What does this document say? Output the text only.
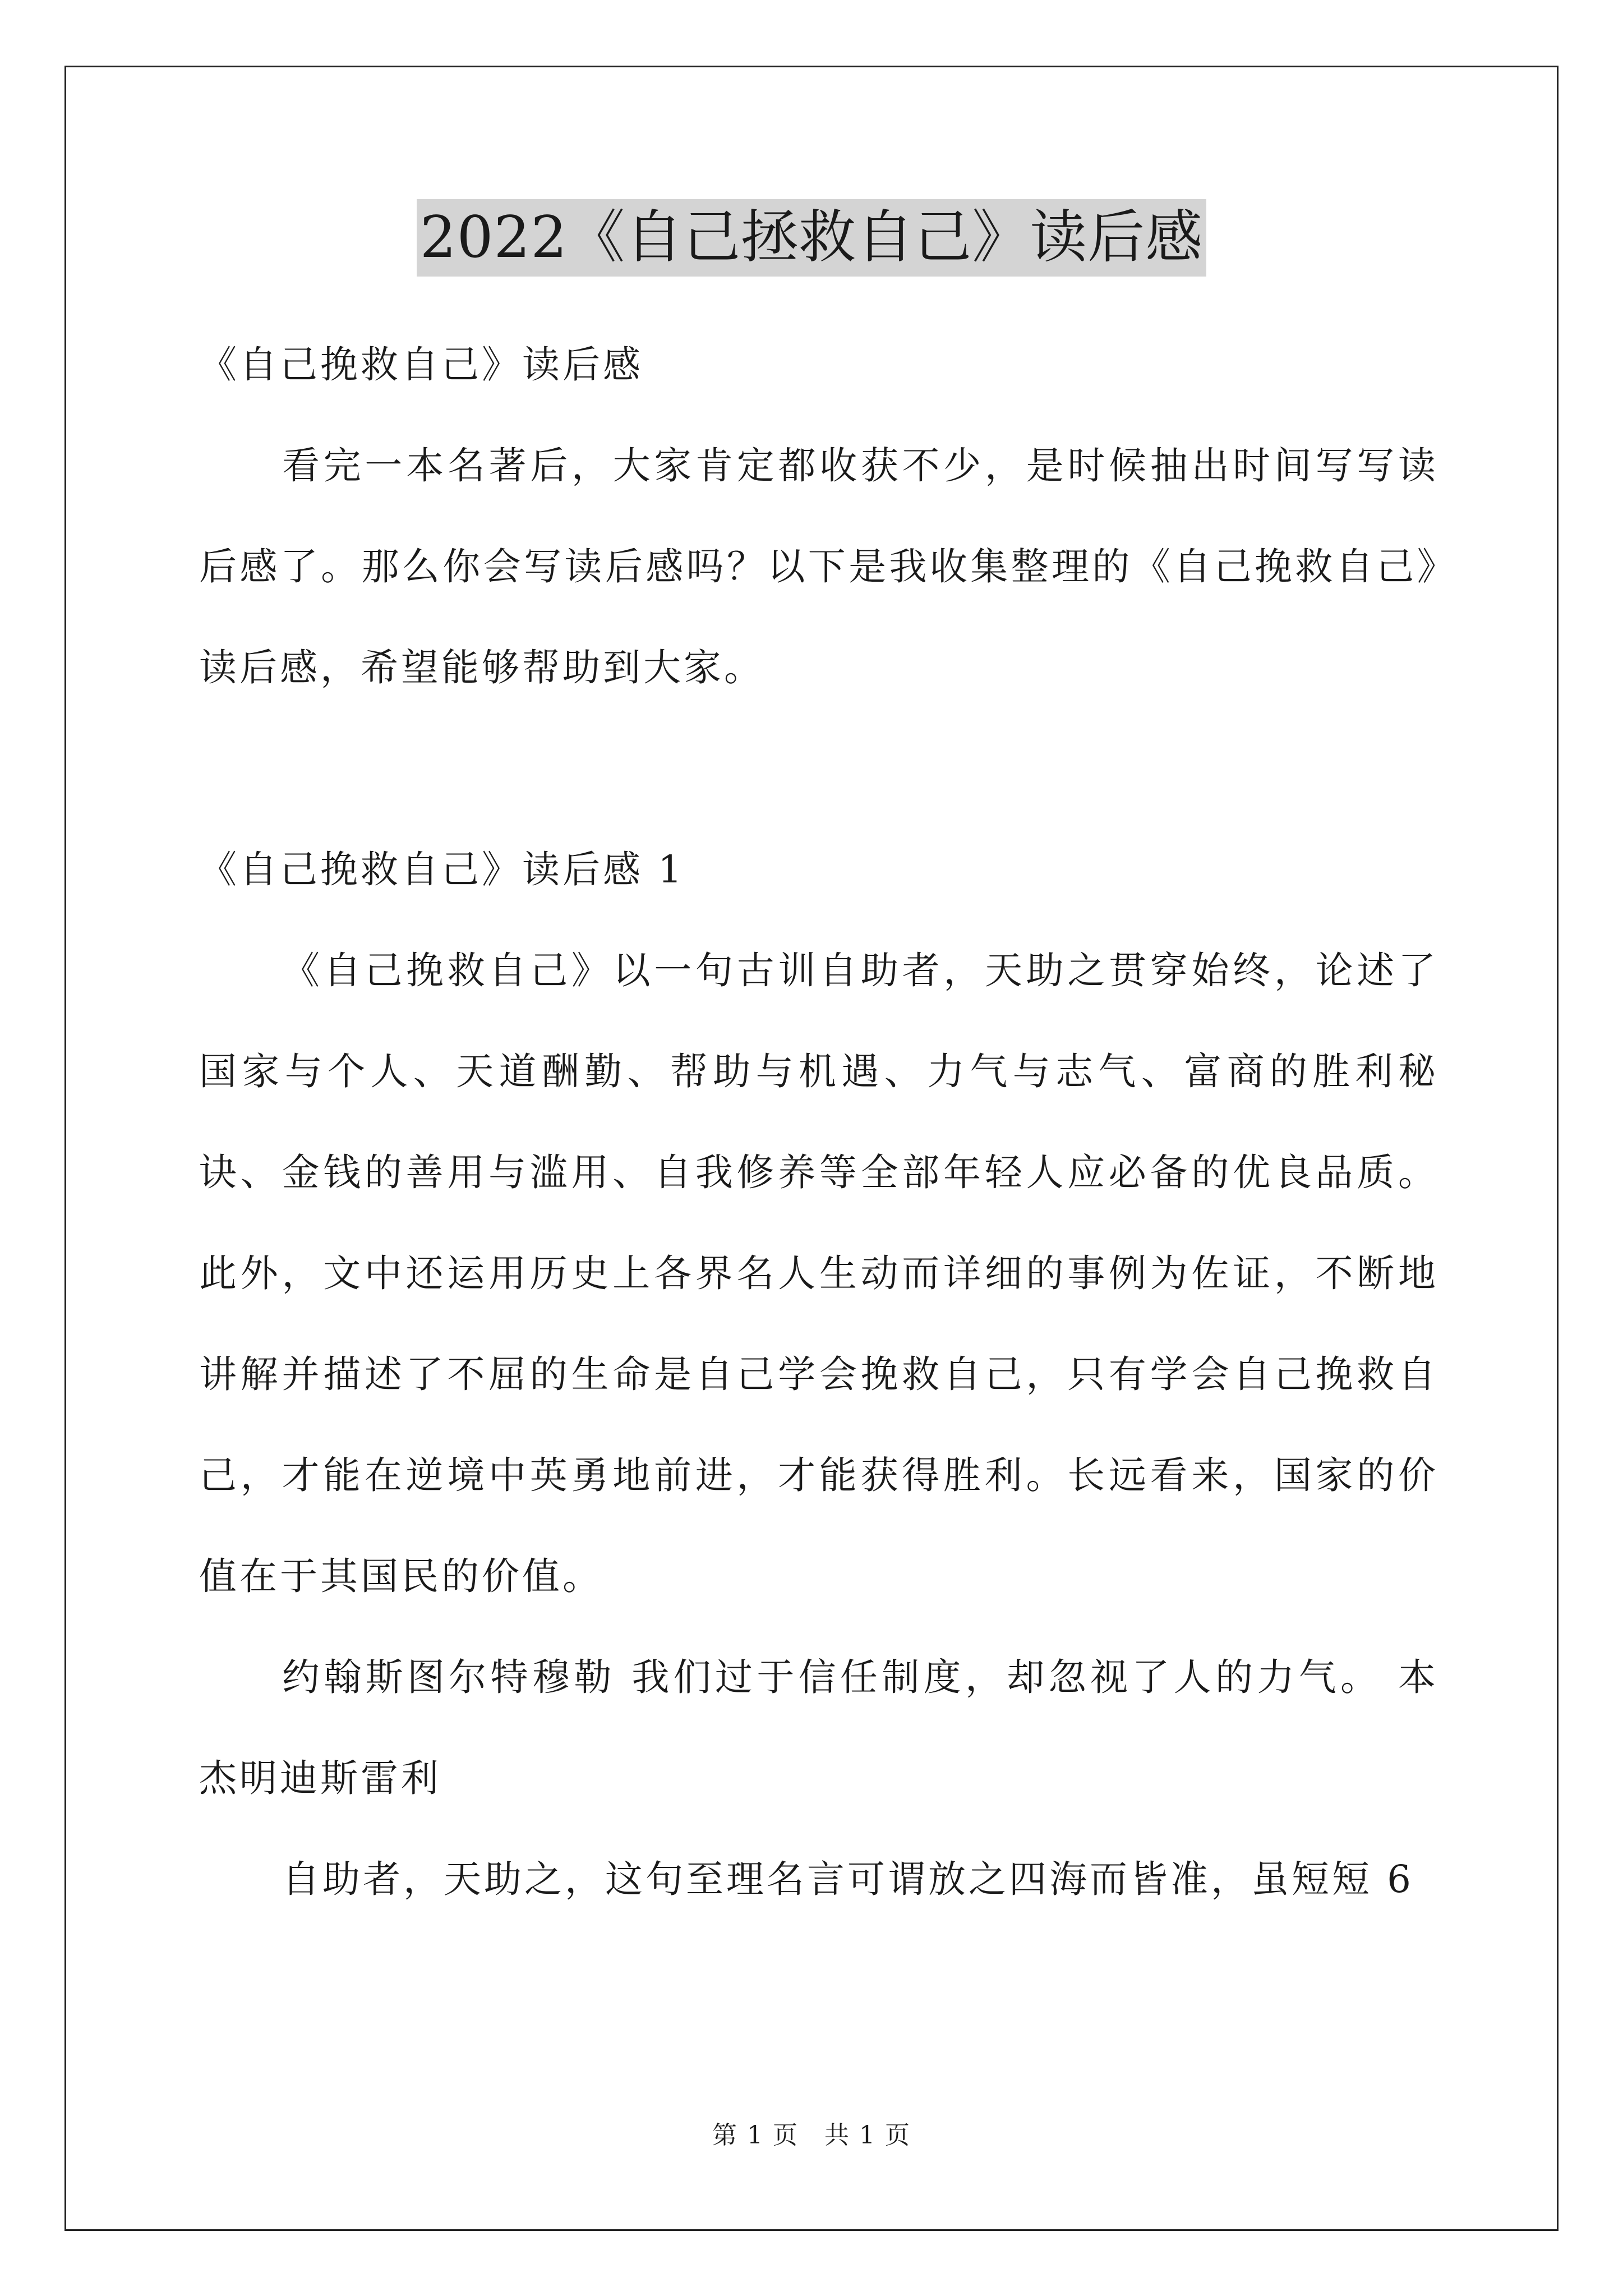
2022《自己拯救自己》读后感

《自己挽救自己》读后感

看完一本名著后，大家肯定都收获不少，是时候抽出时间写写读后感了。那么你会写读后感吗？以下是我收集整理的《自己挽救自己》读后感，希望能够帮助到大家。

《自己挽救自己》读后感 1

《自己挽救自己》以一句古训自助者，天助之贯穿始终，论述了国家与个人、天道酬勤、帮助与机遇、力气与志气、富商的胜利秘诀、金钱的善用与滥用、自我修养等全部年轻人应必备的优良品质。此外，文中还运用历史上各界名人生动而详细的事例为佐证，不断地讲解并描述了不屈的生命是自己学会挽救自己，只有学会自己挽救自己，才能在逆境中英勇地前进，才能获得胜利。长远看来，国家的价值在于其国民的价值。

约翰斯图尔特穆勒 我们过于信任制度，却忽视了人的力气。 本杰明迪斯雷利

自助者，天助之，这句至理名言可谓放之四海而皆准，虽短短 6

第 1 页　共 1 页
